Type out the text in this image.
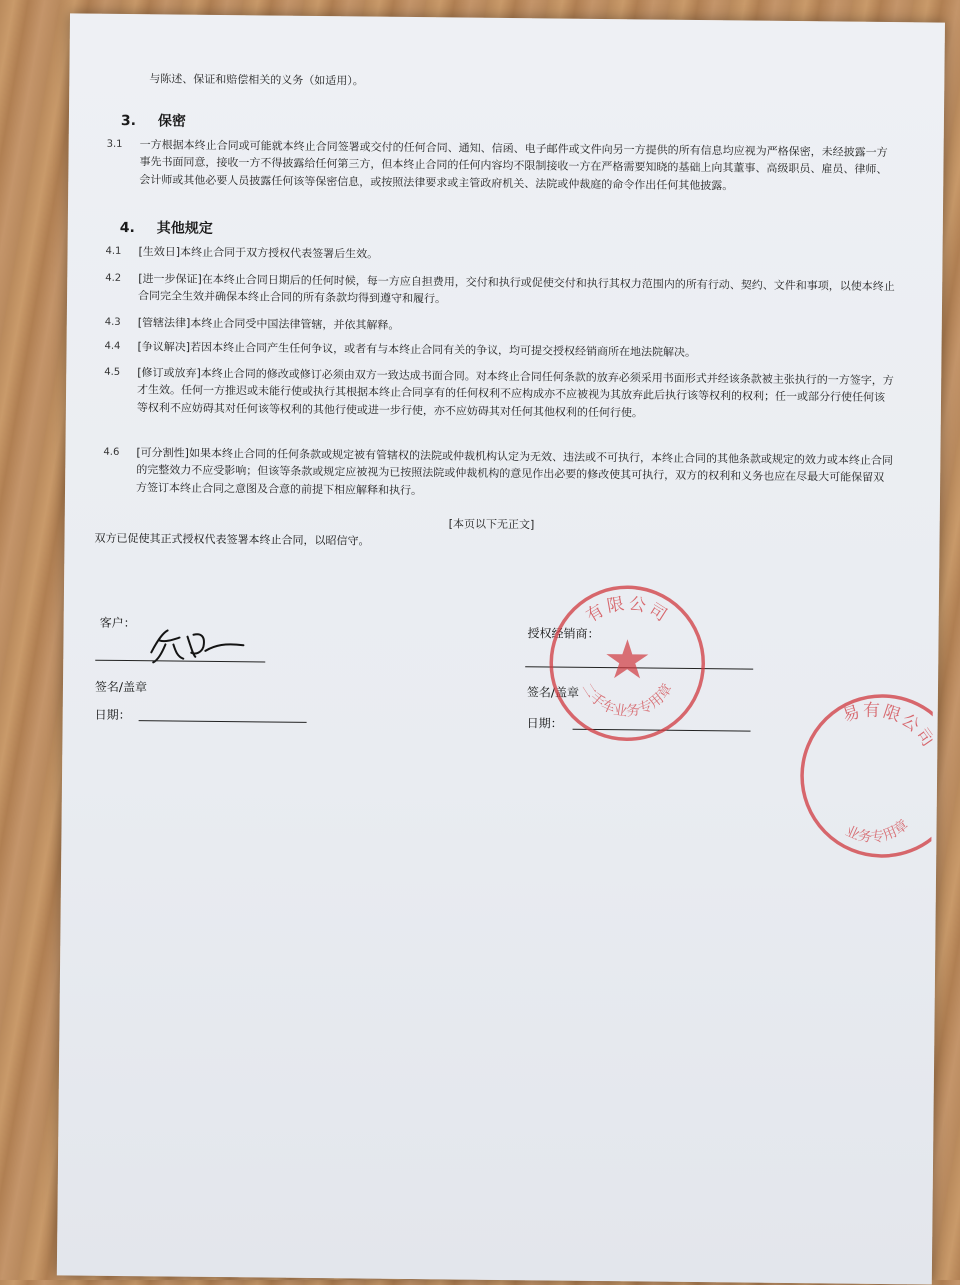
与陈述、保证和赔偿相关的义务（如适用）。
3. 保密
3.1	一方根据本终止合同或可能就本终止合同签署或交付的任何合同、通知、信函、电子邮件或文件向另一方提供的所有信息均应视为严格保密，未经披露一方事先书面同意，接收一方不得披露给任何第三方，但本终止合同的任何内容均不限制接收一方在严格需要知晓的基础上向其董事、高级职员、雇员、律师、会计师或其他必要人员披露任何该等保密信息，或按照法律要求或主管政府机关、法院或仲裁庭的命令作出任何其他披露。
4. 其他规定
4.1	[生效日]本终止合同于双方授权代表签署后生效。
4.2	[进一步保证]在本终止合同日期后的任何时候，每一方应自担费用，交付和执行或促使交付和执行其权力范围内的所有行动、契约、文件和事项，以使本终止合同完全生效并确保本终止合同的所有条款均得到遵守和履行。
4.3	[管辖法律]本终止合同受中国法律管辖，并依其解释。
4.4	[争议解决]若因本终止合同产生任何争议，或者有与本终止合同有关的争议，均可提交授权经销商所在地法院解决。
4.5	[修订或放弃]本终止合同的修改或修订必须由双方一致达成书面合同。对本终止合同任何条款的放弃必须采用书面形式并经该条款被主张执行的一方签字，方才生效。任何一方推迟或未能行使或执行其根据本终止合同享有的任何权利不应构成亦不应被视为其放弃此后执行该等权利的权利；任一或部分行使任何该等权利不应妨碍其对任何该等权利的其他行使或进一步行使，亦不应妨碍其对任何其他权利的任何行使。
4.6	[可分割性]如果本终止合同的任何条款或规定被有管辖权的法院或仲裁机构认定为无效、违法或不可执行，本终止合同的其他条款或规定的效力或本终止合同的完整效力不应受影响；但该等条款或规定应被视为已按照法院或仲裁机构的意见作出必要的修改使其可执行，双方的权利和义务也应在尽最大可能保留双方签订本终止合同之意图及合意的前提下相应解释和执行。
[本页以下无正文]
双方已促使其正式授权代表签署本终止合同，以昭信守。
客户：
签名/盖章
日期：
授权经销商：
签名/盖章
日期：
有限公司
二手车业务专用章
易有限公司
业务专用章
